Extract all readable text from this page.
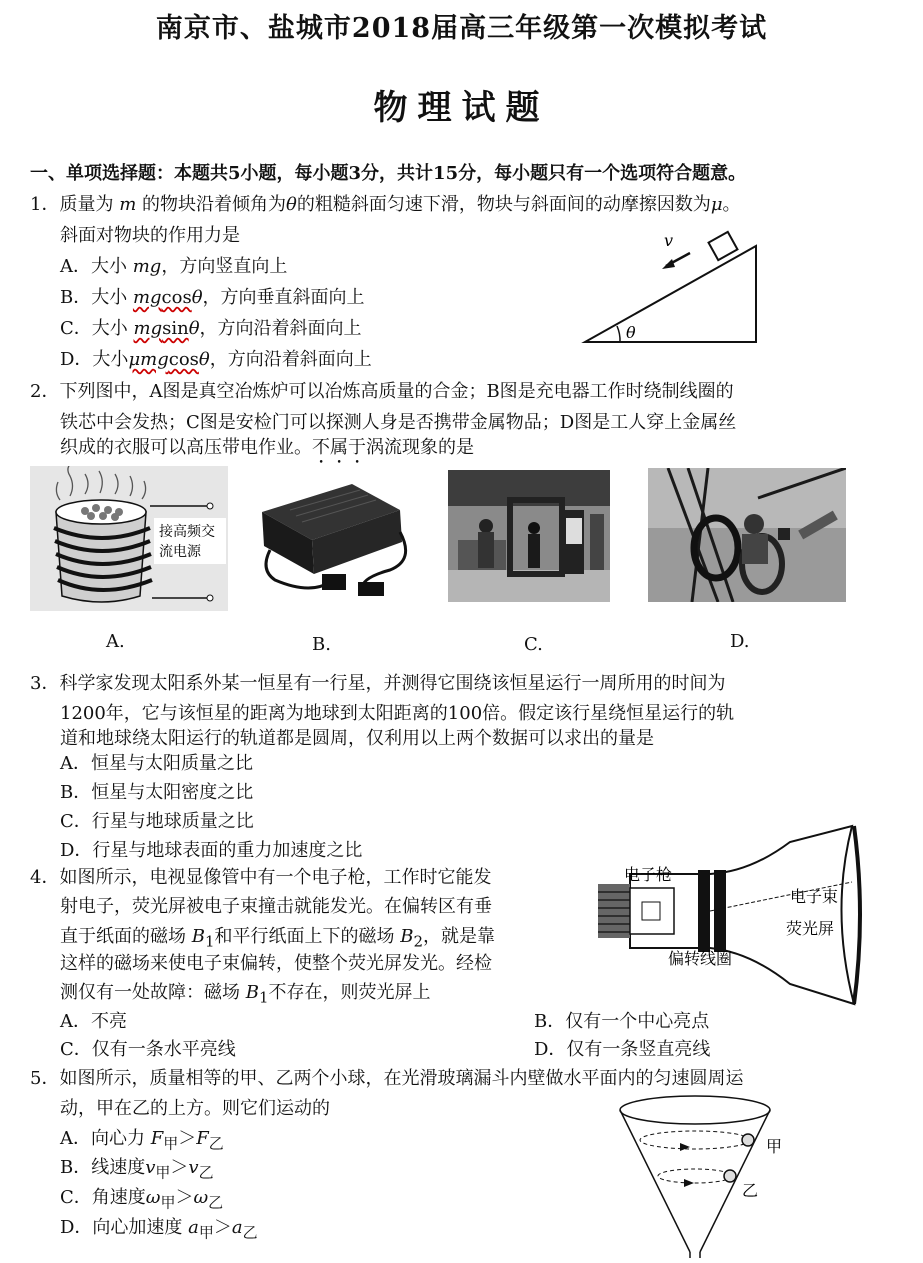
南京市、盐城市2018届高三年级第一次模拟考试
物理试题
一、单项选择题：本题共5小题，每小题3分，共计15分，每小题只有一个选项符合题意。
1．质量为 m 的物块沿着倾角为θ的粗糙斜面匀速下滑，物块与斜面间的动摩擦因数为μ。
斜面对物块的作用力是
A．大小 mg，方向竖直向上
B．大小 mgcosθ，方向垂直斜面向上
C．大小 mgsinθ，方向沿着斜面向上
D．大小μmgcosθ，方向沿着斜面向上
v
θ
2．下列图中，A图是真空冶炼炉可以冶炼高质量的合金；B图是充电器工作时绕制线圈的
铁芯中会发热；C图是安检门可以探测人身是否携带金属物品；D图是工人穿上金属丝
织成的衣服可以高压带电作业。不属于涡流现象的是
接高频交
流电源
A.	B.	C.	D.
3．科学家发现太阳系外某一恒星有一行星，并测得它围绕该恒星运行一周所用的时间为
1200年，它与该恒星的距离为地球到太阳距离的100倍。假定该行星绕恒星运行的轨
道和地球绕太阳运行的轨道都是圆周，仅利用以上两个数据可以求出的量是
A．恒星与太阳质量之比
B．恒星与太阳密度之比
C．行星与地球质量之比
D．行星与地球表面的重力加速度之比
4．如图所示，电视显像管中有一个电子枪，工作时它能发
射电子，荧光屏被电子束撞击就能发光。在偏转区有垂
直于纸面的磁场 $B_1$和平行纸面上下的磁场 $B_2$，就是靠
这样的磁场来使电子束偏转，使整个荧光屏发光。经检
测仅有一处故障：磁场 $B_1$不存在，则荧光屏上
A．不亮	B．仅有一个中心亮点
C．仅有一条水平亮线	D．仅有一条竖直亮线
电子枪
电子束
荧光屏
偏转线圈
5．如图所示，质量相等的甲、乙两个小球，在光滑玻璃漏斗内壁做水平面内的匀速圆周运
动，甲在乙的上方。则它们运动的
A．向心力 $F_甲>F_乙$
B．线速度$v_甲>v_乙$
C．角速度$\omega_甲>\omega_乙$
D．向心加速度 $a_甲>a_乙$
甲
乙
